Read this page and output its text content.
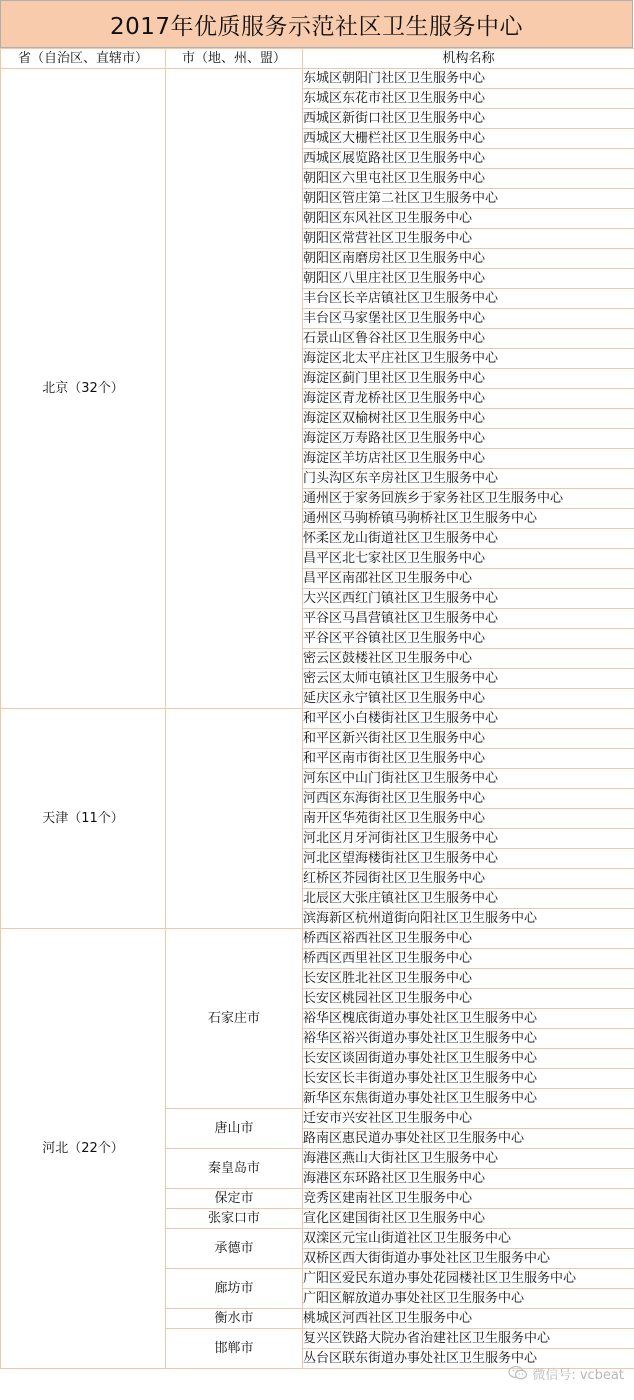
2017年优质服务示范社区卫生服务中心
省（自治区、直辖市）	市（地、州、盟）	机构名称
北京（32个）		东城区朝阳门社区卫生服务中心
		东城区东花市社区卫生服务中心
		西城区新街口社区卫生服务中心
		西城区大栅栏社区卫生服务中心
		西城区展览路社区卫生服务中心
		朝阳区六里屯社区卫生服务中心
		朝阳区管庄第二社区卫生服务中心
		朝阳区东风社区卫生服务中心
		朝阳区常营社区卫生服务中心
		朝阳区南磨房社区卫生服务中心
		朝阳区八里庄社区卫生服务中心
		丰台区长辛店镇社区卫生服务中心
		丰台区马家堡社区卫生服务中心
		石景山区鲁谷社区卫生服务中心
		海淀区北太平庄社区卫生服务中心
		海淀区蓟门里社区卫生服务中心
		海淀区青龙桥社区卫生服务中心
		海淀区双榆树社区卫生服务中心
		海淀区万寿路社区卫生服务中心
		海淀区羊坊店社区卫生服务中心
		门头沟区东辛房社区卫生服务中心
		通州区于家务回族乡于家务社区卫生服务中心
		通州区马驹桥镇马驹桥社区卫生服务中心
		怀柔区龙山街道社区卫生服务中心
		昌平区北七家社区卫生服务中心
		昌平区南邵社区卫生服务中心
		大兴区西红门镇社区卫生服务中心
		平谷区马昌营镇社区卫生服务中心
		平谷区平谷镇社区卫生服务中心
		密云区鼓楼社区卫生服务中心
		密云区太师屯镇社区卫生服务中心
		延庆区永宁镇社区卫生服务中心
天津（11个）		和平区小白楼街社区卫生服务中心
		和平区新兴街社区卫生服务中心
		和平区南市街社区卫生服务中心
		河东区中山门街社区卫生服务中心
		河西区东海街社区卫生服务中心
		南开区华苑街社区卫生服务中心
		河北区月牙河街社区卫生服务中心
		河北区望海楼街社区卫生服务中心
		红桥区芥园街社区卫生服务中心
		北辰区大张庄镇社区卫生服务中心
		滨海新区杭州道街向阳社区卫生服务中心
河北（22个）	石家庄市	桥西区裕西社区卫生服务中心
		桥西区西里社区卫生服务中心
		长安区胜北社区卫生服务中心
		长安区桃园社区卫生服务中心
		裕华区槐底街道办事处社区卫生服务中心
		裕华区裕兴街道办事处社区卫生服务中心
		长安区谈固街道办事处社区卫生服务中心
		长安区长丰街道办事处社区卫生服务中心
		新华区东焦街道办事处社区卫生服务中心
	唐山市	迁安市兴安社区卫生服务中心
		路南区惠民道办事处社区卫生服务中心
	秦皇岛市	海港区燕山大街社区卫生服务中心
		海港区东环路社区卫生服务中心
	保定市	竞秀区建南社区卫生服务中心
	张家口市	宣化区建国街社区卫生服务中心
	承德市	双滦区元宝山街道社区卫生服务中心
		双桥区西大街街道办事处社区卫生服务中心
	廊坊市	广阳区爱民东道办事处花园楼社区卫生服务中心
		广阳区解放道办事处社区卫生服务中心
	衡水市	桃城区河西社区卫生服务中心
	邯郸市	复兴区铁路大院办省治建社区卫生服务中心
		丛台区联东街道办事处社区卫生服务中心
微信号: vcbeat
